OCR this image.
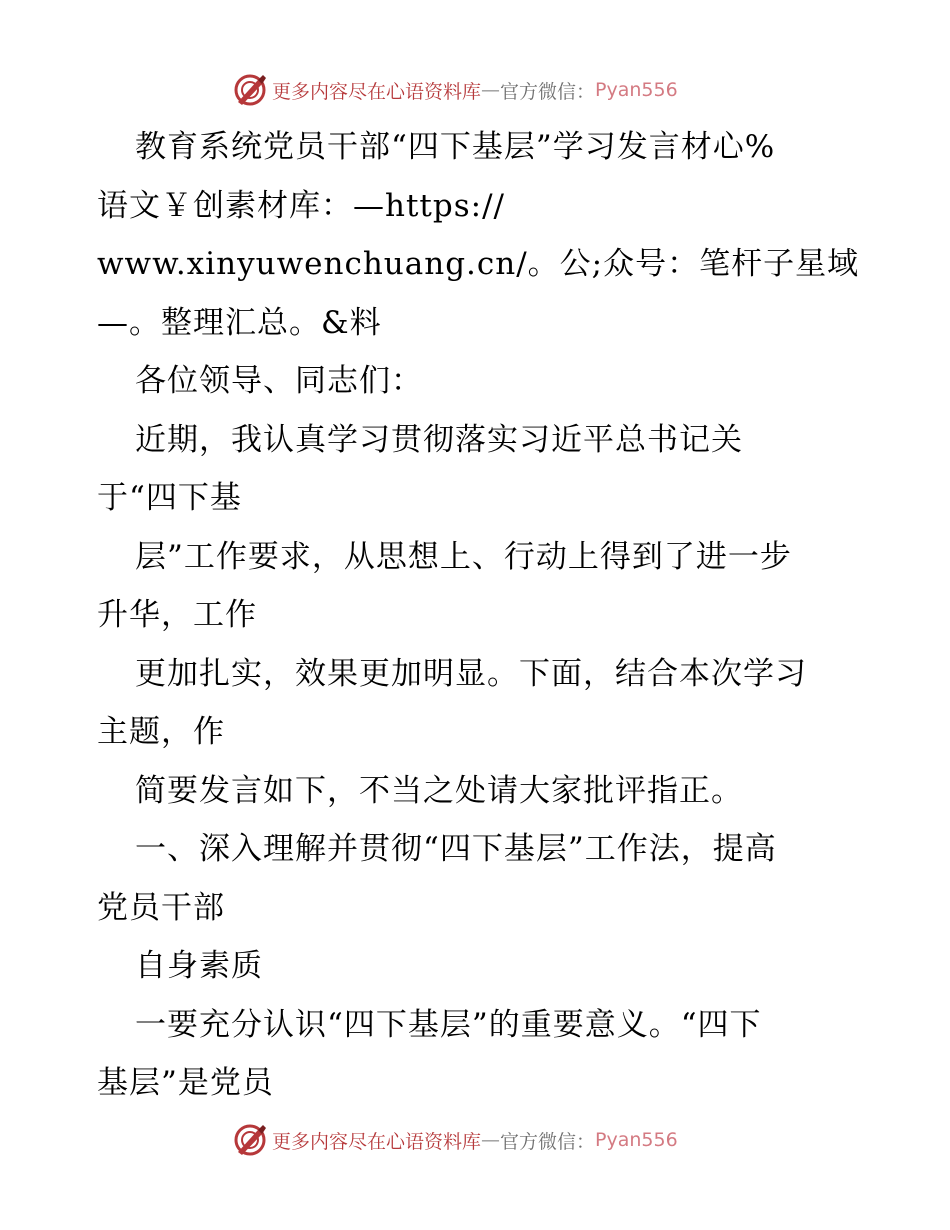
更多内容尽在心语资料库 — 官方微信： Pyan556
教育系统党员干部“四下基层”学习发言材心%
语文￥创素材库：—https://
www.xinyuwenchuang.cn/。公;众号：笔杆子星域
—。整理汇总。&料
各位领导、同志们：
近期，我认真学习贯彻落实习近平总书记关
于“四下基
层”工作要求，从思想上、行动上得到了进一步
升华，工作
更加扎实，效果更加明显。下面，结合本次学习
主题，作
简要发言如下，不当之处请大家批评指正。
一、深入理解并贯彻“四下基层”工作法，提高
党员干部
自身素质
一要充分认识“四下基层”的重要意义。“四下
基层”是党员
更多内容尽在心语资料库 — 官方微信： Pyan556
